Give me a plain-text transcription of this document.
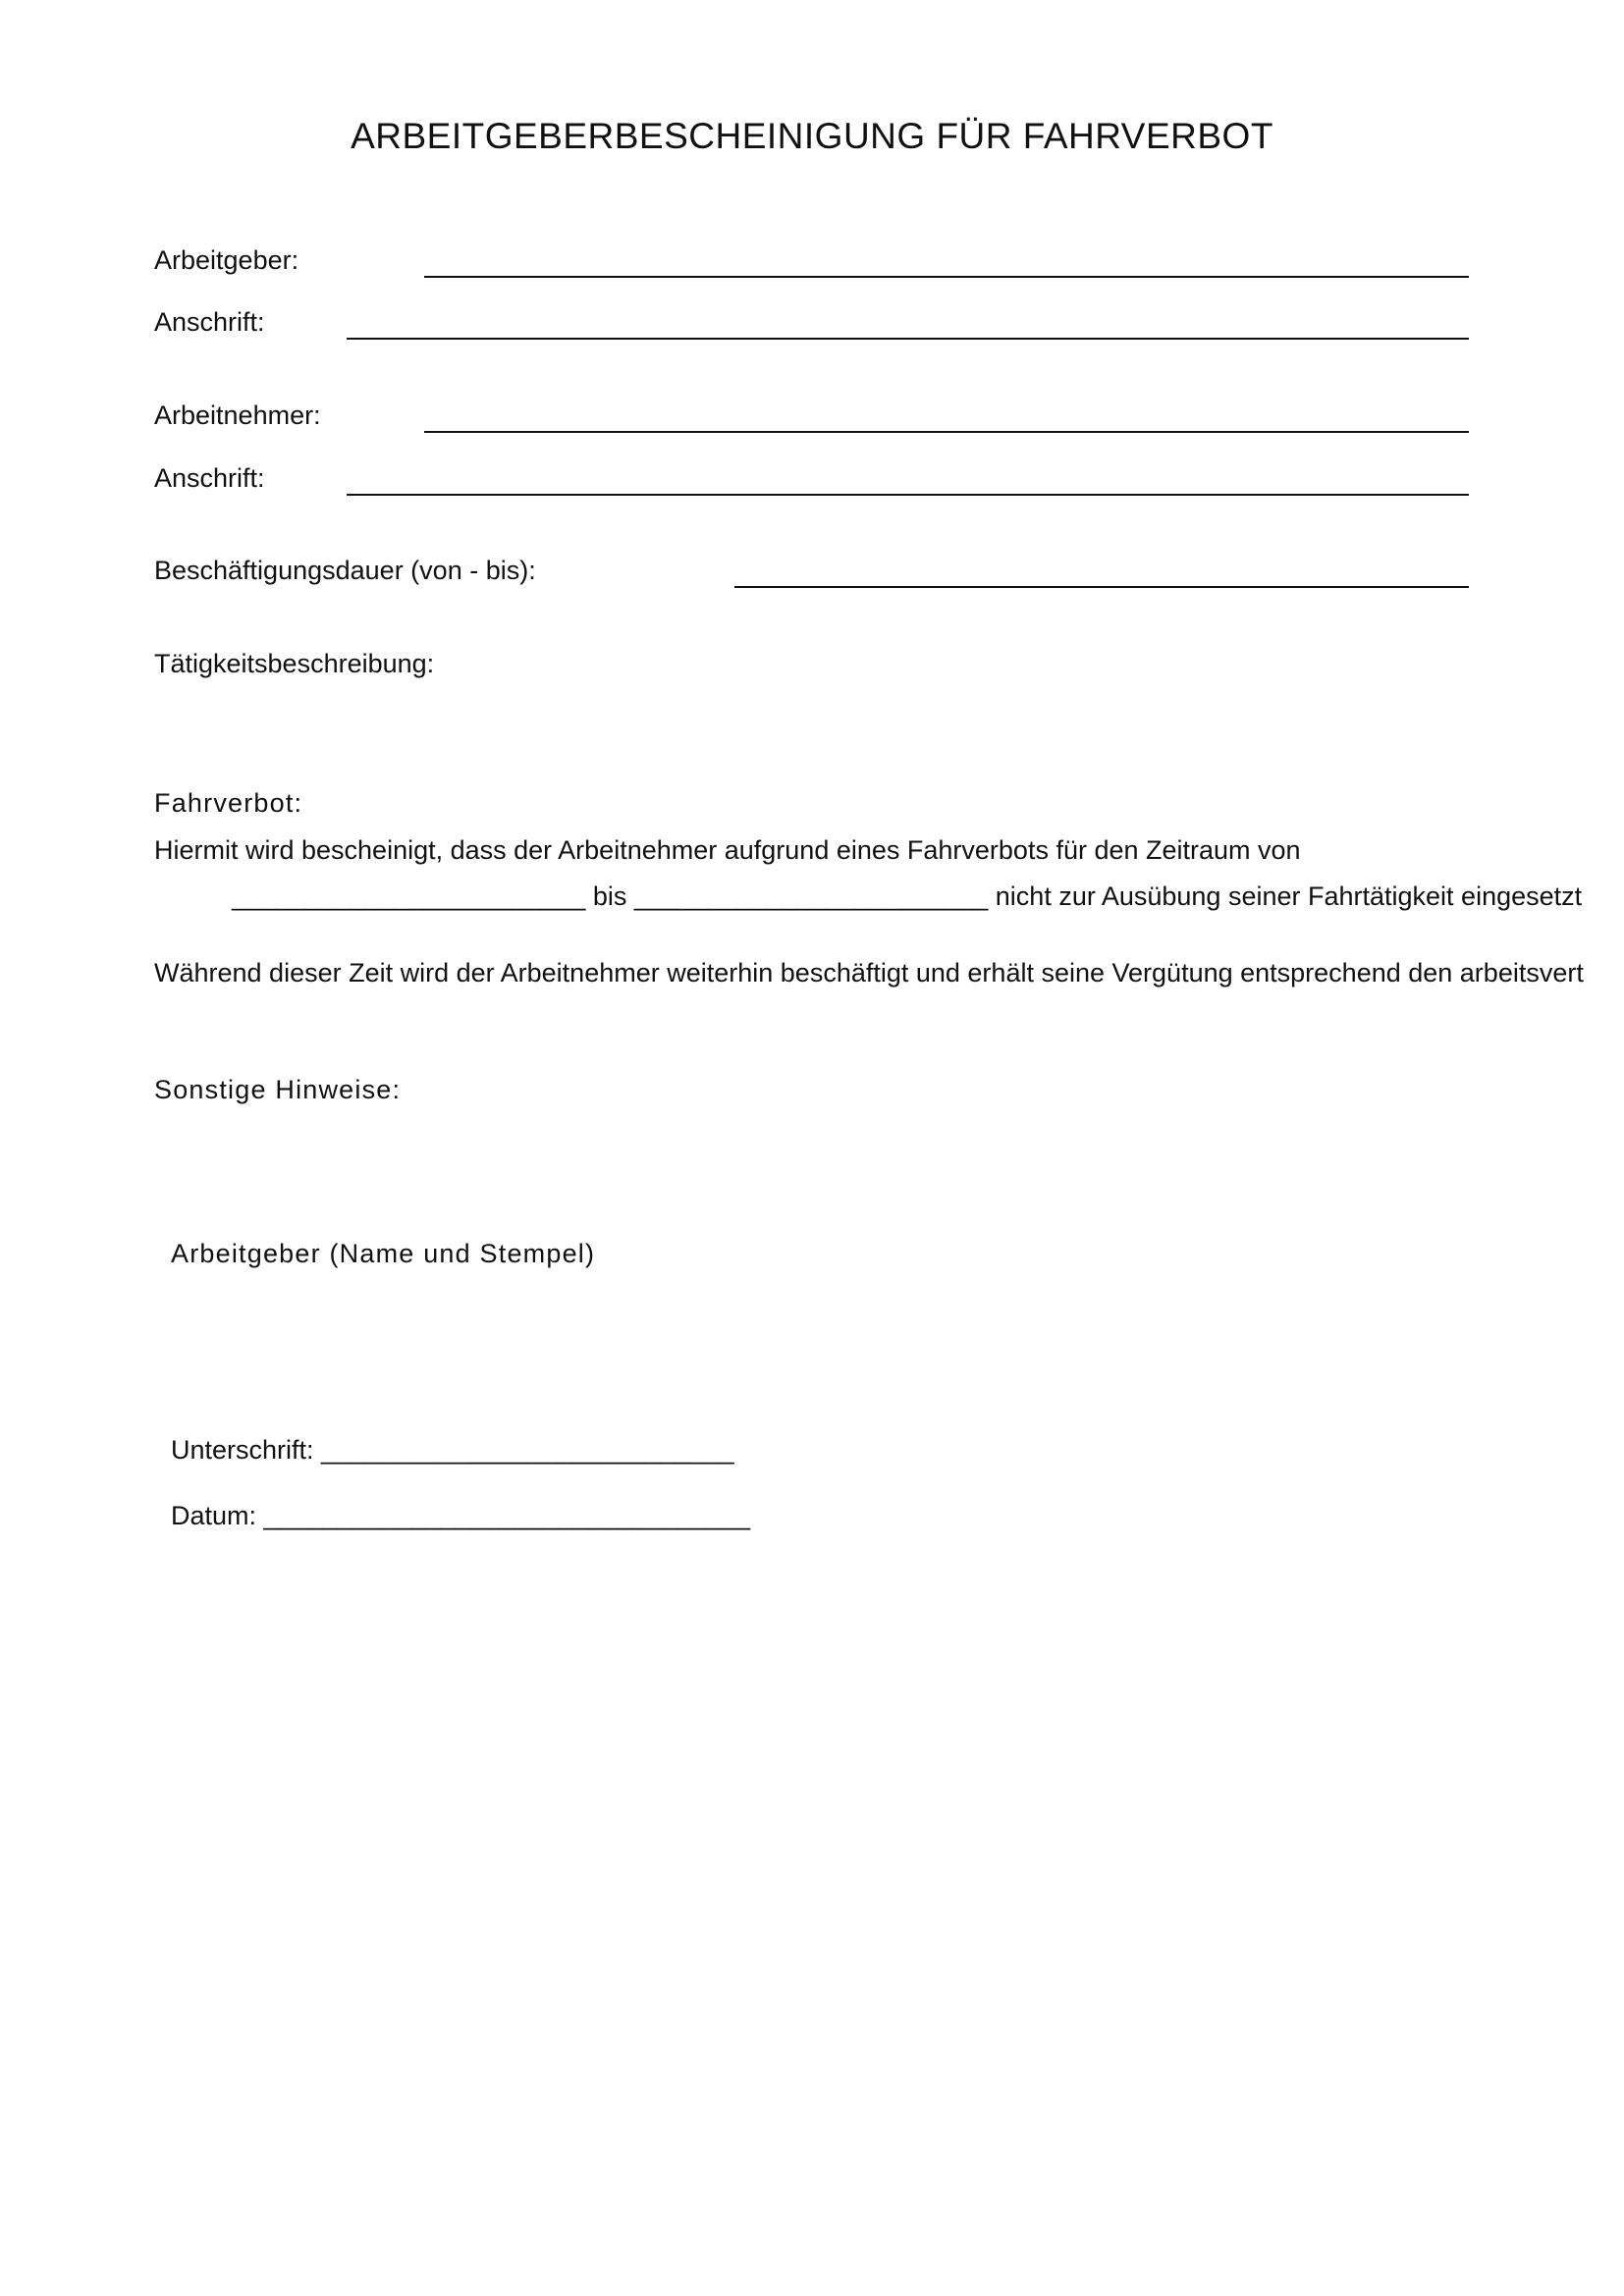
ARBEITGEBERBESCHEINIGUNG FÜR FAHRVERBOT
Arbeitgeber:
Anschrift:
Arbeitnehmer:
Anschrift:
Beschäftigungsdauer (von - bis):
Tätigkeitsbeschreibung:
Fahrverbot:
Hiermit wird bescheinigt, dass der Arbeitnehmer aufgrund eines Fahrverbots für den Zeitraum von
________________________ bis ________________________ nicht zur Ausübung seiner Fahrtätigkeit eingesetzt
Während dieser Zeit wird der Arbeitnehmer weiterhin beschäftigt und erhält seine Vergütung entsprechend den arbeitsvert
Sonstige Hinweise:
Arbeitgeber (Name und Stempel)
Unterschrift: ____________________________
Datum: _________________________________
